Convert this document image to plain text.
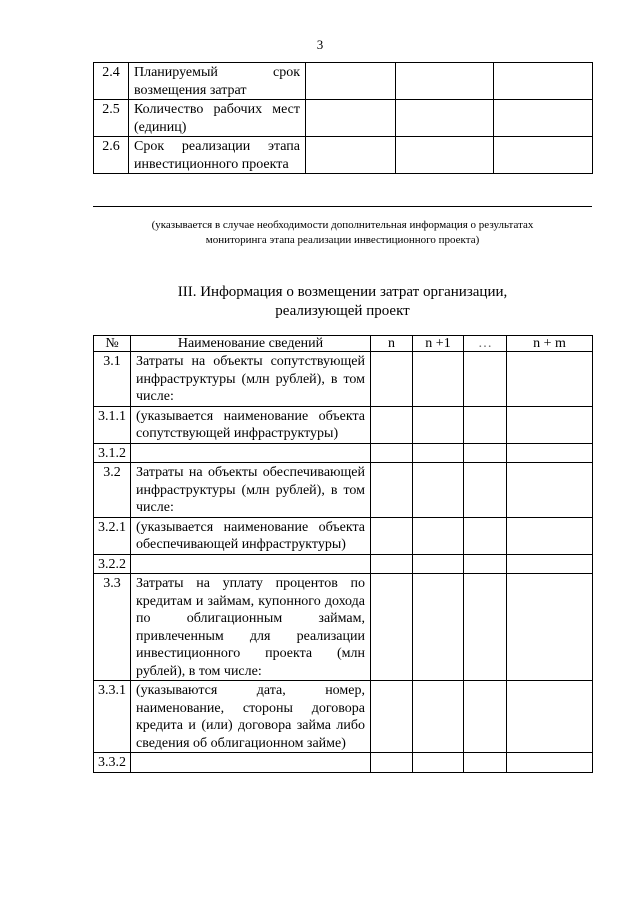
3
2.4	Планируемый срок возмещения затрат			
2.5	Количество рабочих мест (единиц)			
2.6	Срок реализации этапа инвестиционного проекта			
(указывается в случае необходимости дополнительная информация о результатах
мониторинга этапа реализации инвестиционного проекта)
III. Информация о возмещении затрат организации,
реализующей проект
№	Наименование сведений	n	n +1	…	n + m
3.1	Затраты на объекты сопутствующей инфраструктуры (млн рублей), в том числе:				
3.1.1	(указывается наименование объекта сопутствующей инфраструктуры)				
3.1.2					
3.2	Затраты на объекты обеспечивающей инфраструктуры (млн рублей), в том числе:				
3.2.1	(указывается наименование объекта обеспечивающей инфраструктуры)				
3.2.2					
3.3	Затраты на уплату процентов по кредитам и займам, купонного дохода по облигационным займам, привлеченным для реализации инвестиционного проекта (млн рублей), в том числе:				
3.3.1	(указываются дата, номер, наименование, стороны договора кредита и (или) договора займа либо сведения об облигационном займе)				
3.3.2					
